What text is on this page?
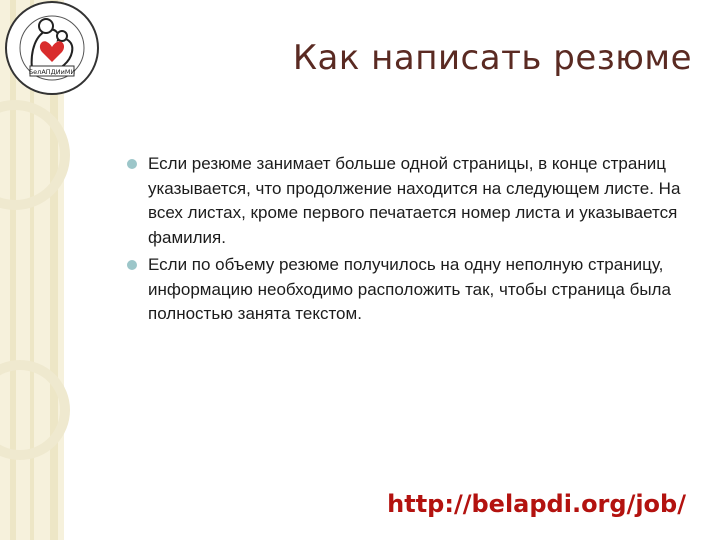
БелАПДИиМИ	Как написать резюме
Если резюме занимает больше одной страницы, в конце страниц указывается, что продолжение находится на следующем листе. На всех листах, кроме первого печатается номер листа и указывается фамилия.
Если по объему резюме получилось на одну неполную страницу, информацию необходимо расположить так, чтобы страница была полностью занята текстом.
http://belapdi.org/job/
